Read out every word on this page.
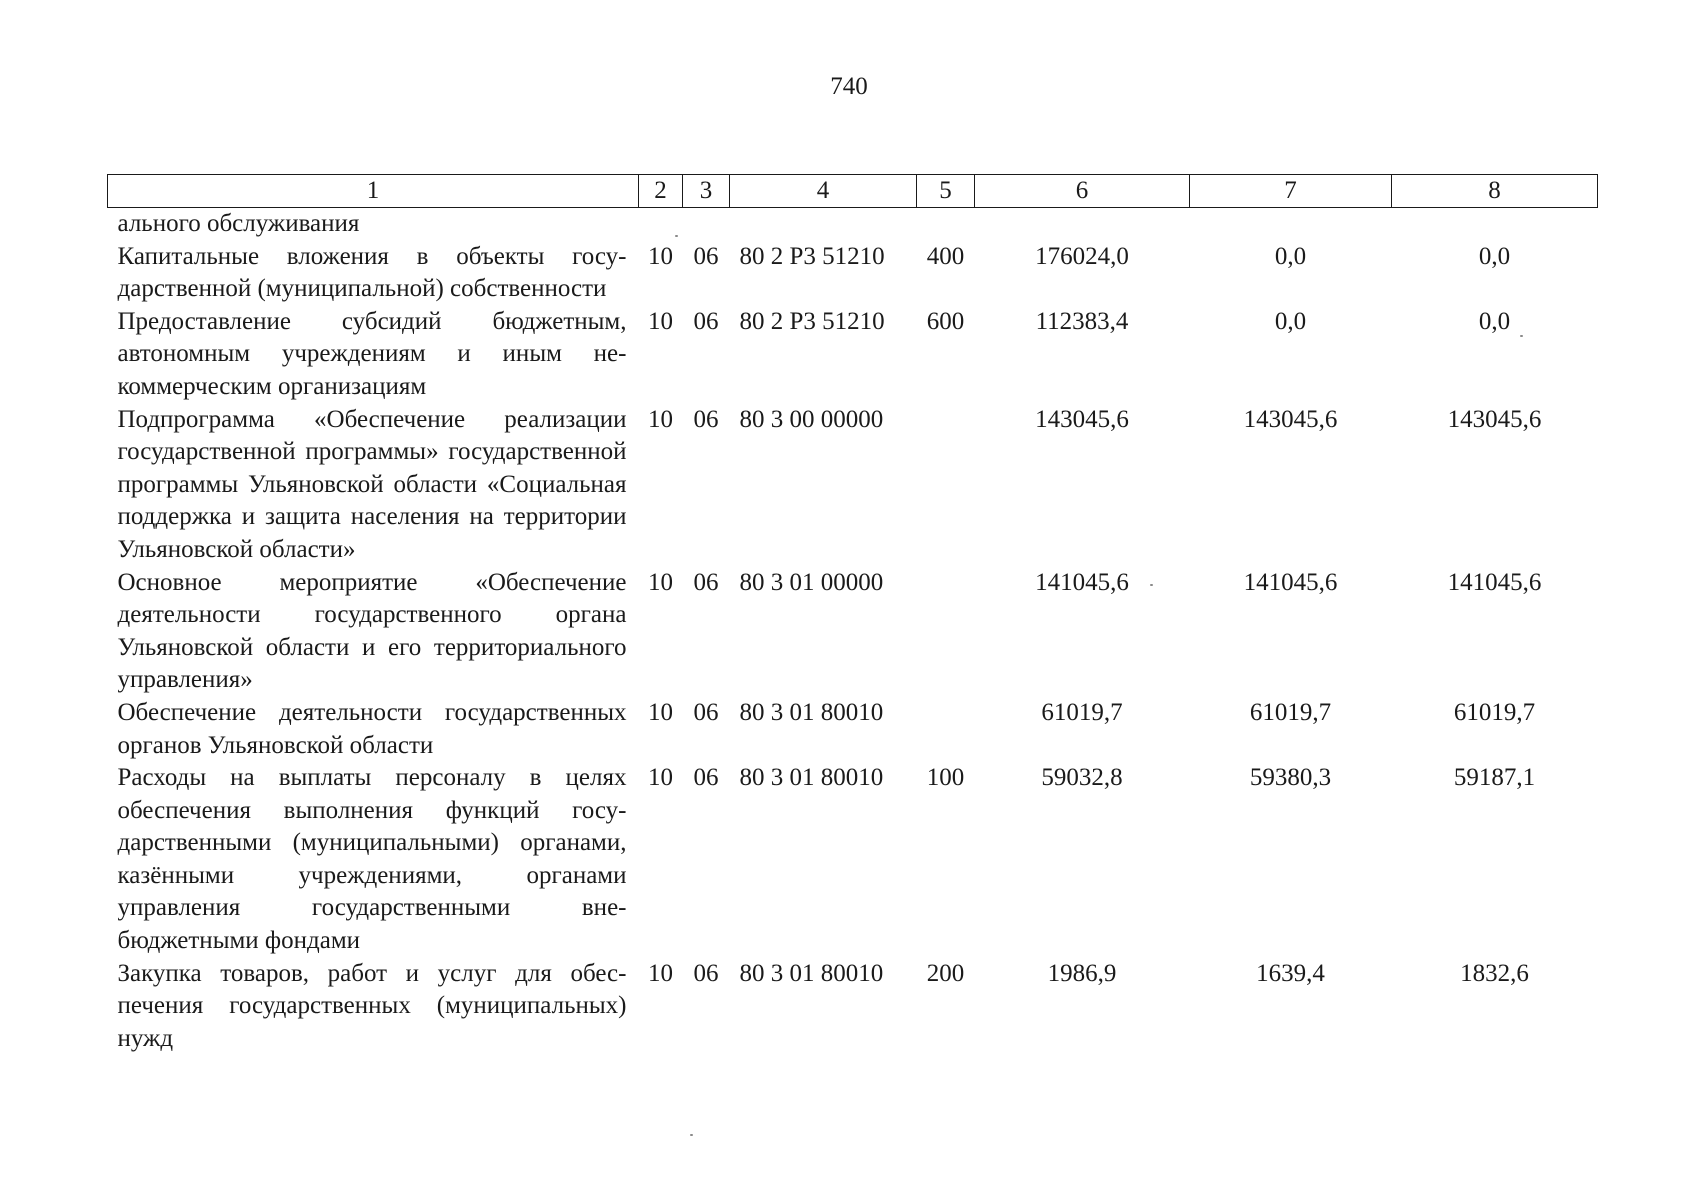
740
1	2	3	4	5	6	7	8
ального обслуживания							
Капитальные вложения в объекты государственной (муниципальной) собственности	10	06	80 2 P3 51210	400	176024,0	0,0	0,0
Предоставление субсидий бюджетным, автономным учреждениям и иным некоммерческим организациям	10	06	80 2 P3 51210	600	112383,4	0,0	0,0
Подпрограмма «Обеспечение реализации государственной программы» государственной программы Ульяновской области «Социальная поддержка и защита населения на территории Ульяновской области»	10	06	80 3 00 00000		143045,6	143045,6	143045,6
Основное мероприятие «Обеспечение деятельности государственного органа Ульяновской области и его территориального управления»	10	06	80 3 01 00000		141045,6	141045,6	141045,6
Обеспечение деятельности государственных органов Ульяновской области	10	06	80 3 01 80010		61019,7	61019,7	61019,7
Расходы на выплаты персоналу в целях обеспечения выполнения функций государственными (муниципальными) органами, казёнными учреждениями, органами управления государственными внебюджетными фондами	10	06	80 3 01 80010	100	59032,8	59380,3	59187,1
Закупка товаров, работ и услуг для обеспечения государственных (муниципальных) нужд	10	06	80 3 01 80010	200	1986,9	1639,4	1832,6
